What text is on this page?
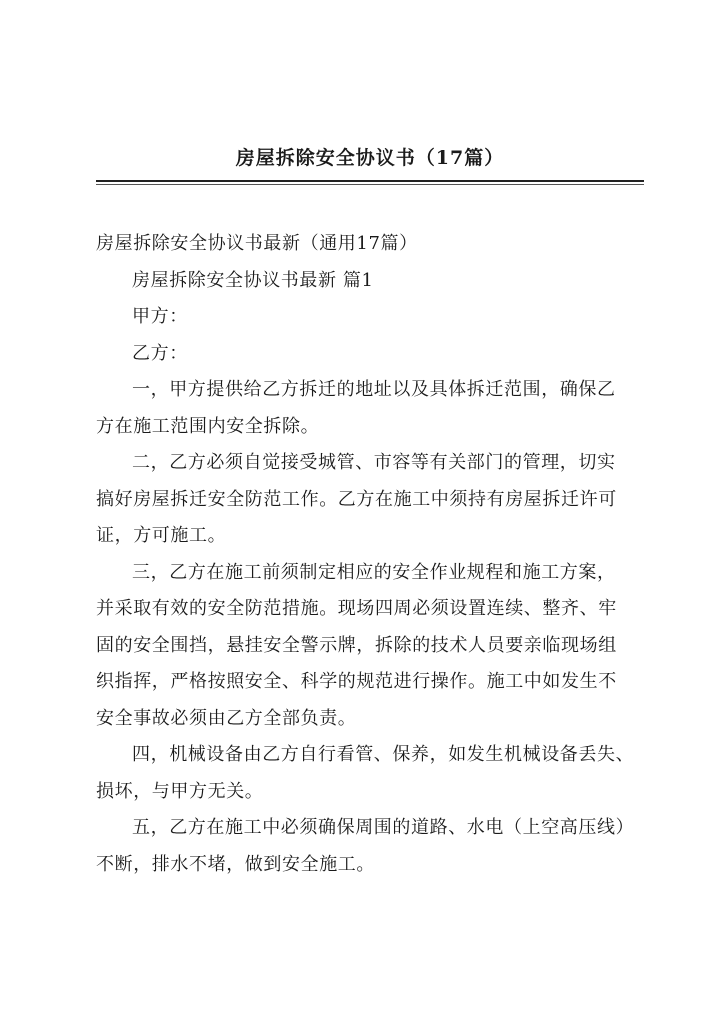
房屋拆除安全协议书（17篇）

房屋拆除安全协议书最新（通用17篇）

房屋拆除安全协议书最新 篇1

甲方：

乙方：

一，甲方提供给乙方拆迁的地址以及具体拆迁范围，确保乙
方在施工范围内安全拆除。

二，乙方必须自觉接受城管、市容等有关部门的管理，切实
搞好房屋拆迁安全防范工作。乙方在施工中须持有房屋拆迁许可
证，方可施工。

三，乙方在施工前须制定相应的安全作业规程和施工方案，
并采取有效的安全防范措施。现场四周必须设置连续、整齐、牢
固的安全围挡，悬挂安全警示牌，拆除的技术人员要亲临现场组
织指挥，严格按照安全、科学的规范进行操作。施工中如发生不
安全事故必须由乙方全部负责。

四，机械设备由乙方自行看管、保养，如发生机械设备丢失、
损坏，与甲方无关。

五，乙方在施工中必须确保周围的道路、水电（上空高压线）
不断，排水不堵，做到安全施工。
